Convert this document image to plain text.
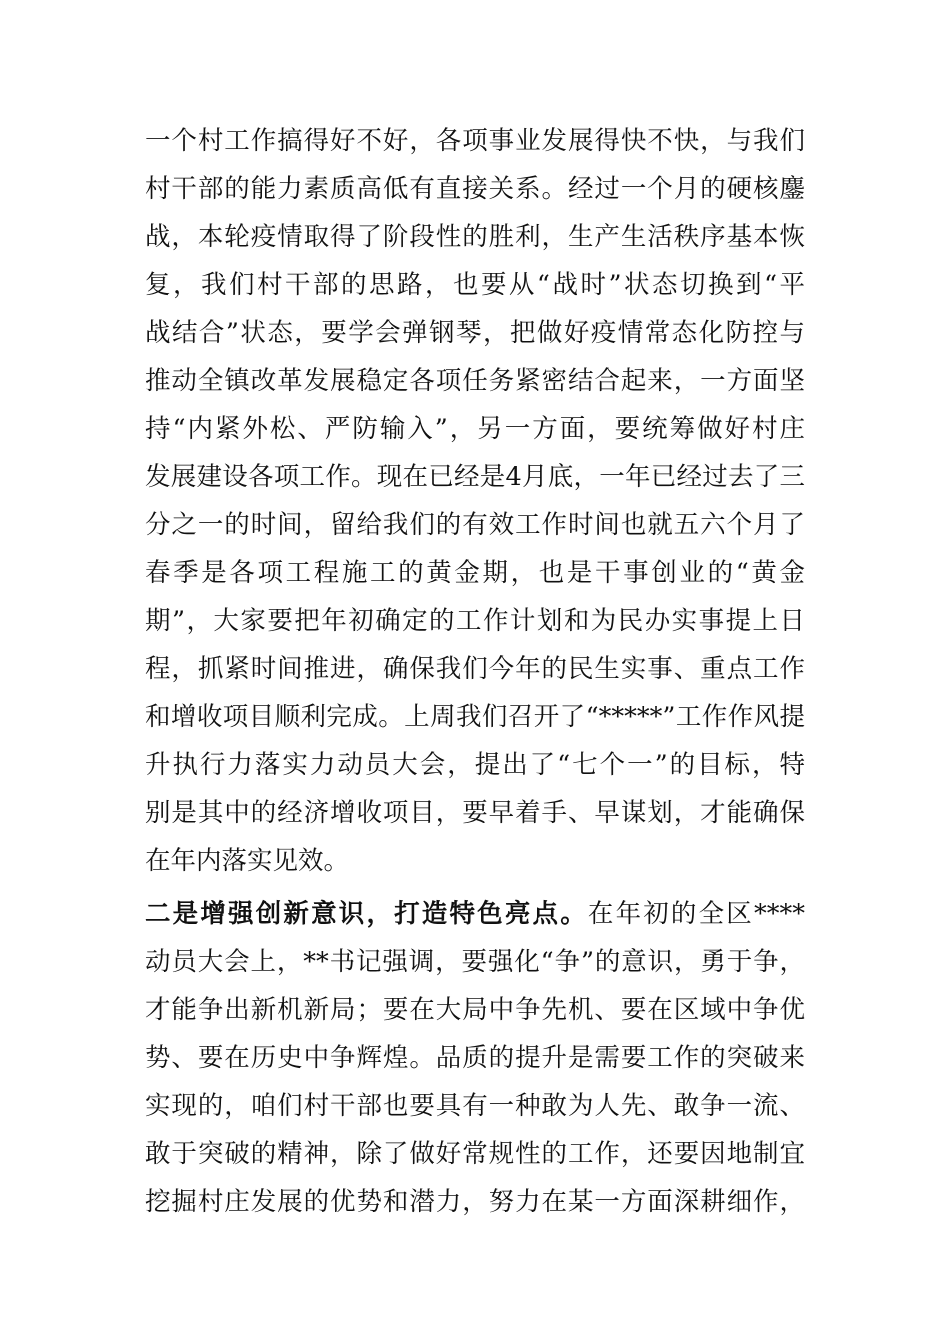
一个村工作搞得好不好，各项事业发展得快不快，与我们
村干部的能力素质高低有直接关系。经过一个月的硬核鏖
战，本轮疫情取得了阶段性的胜利，生产生活秩序基本恢
复，我们村干部的思路，也要从“战时”状态切换到“平
战结合”状态，要学会弹钢琴，把做好疫情常态化防控与
推动全镇改革发展稳定各项任务紧密结合起来，一方面坚
持“内紧外松、严防输入”，另一方面，要统筹做好村庄
发展建设各项工作。现在已经是4月底，一年已经过去了三
分之一的时间，留给我们的有效工作时间也就五六个月了
春季是各项工程施工的黄金期，也是干事创业的“黄金
期”，大家要把年初确定的工作计划和为民办实事提上日
程，抓紧时间推进，确保我们今年的民生实事、重点工作
和增收项目顺利完成。上周我们召开了“*****”工作作风提
升执行力落实力动员大会，提出了“七个一”的目标，特
别是其中的经济增收项目，要早着手、早谋划，才能确保
在年内落实见效。
二是增强创新意识，打造特色亮点。在年初的全区****
动员大会上，**书记强调，要强化“争”的意识，勇于争，
才能争出新机新局；要在大局中争先机、要在区域中争优
势、要在历史中争辉煌。品质的提升是需要工作的突破来
实现的，咱们村干部也要具有一种敢为人先、敢争一流、
敢于突破的精神，除了做好常规性的工作，还要因地制宜
挖掘村庄发展的优势和潜力，努力在某一方面深耕细作，
